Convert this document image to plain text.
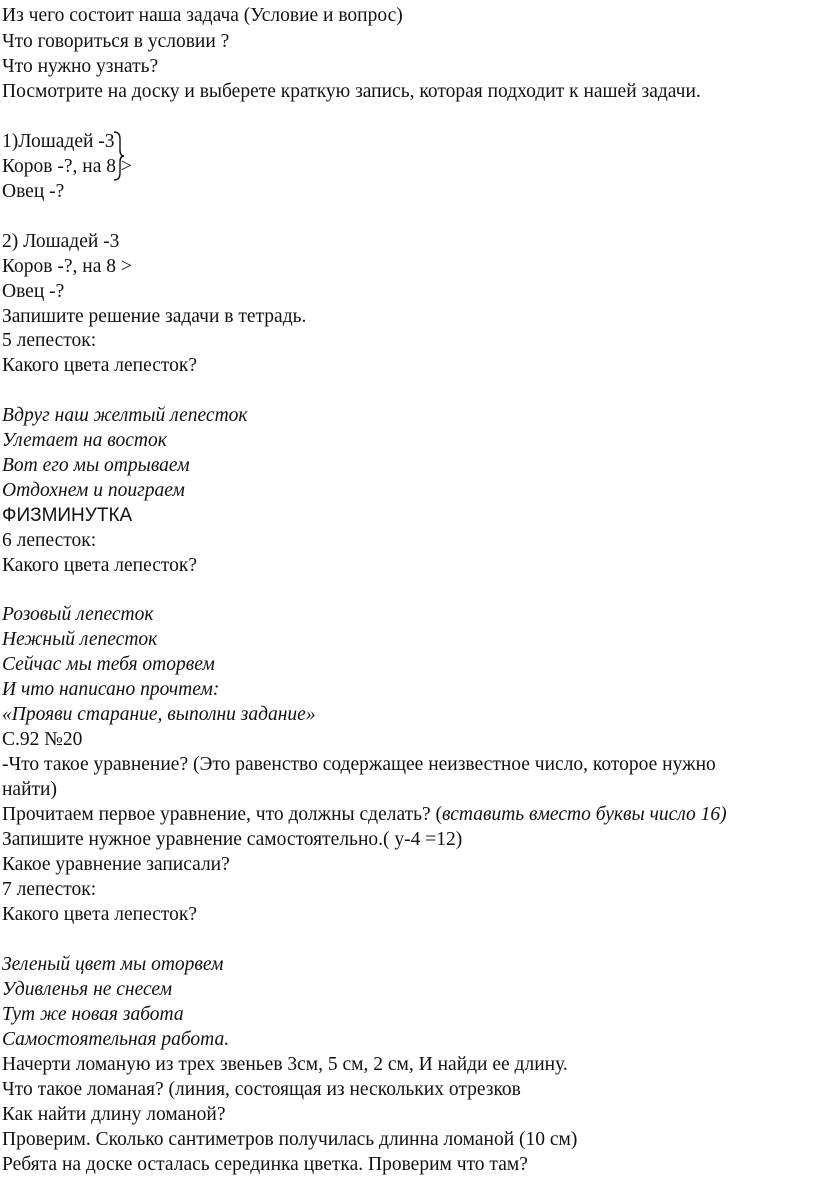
Из чего состоит наша задача (Условие и вопрос)
Что говориться в условии ?
Что нужно узнать?
Посмотрите на доску и выберете краткую запись, которая подходит к нашей задачи.
1)Лошадей -3
Коров -?, на 8 >
Овец -?
2) Лошадей -3
Коров -?, на 8 >
Овец -?
Запишите решение задачи в тетрадь.
5 лепесток:
Какого цвета лепесток?
Вдруг наш желтый лепесток
Улетает на восток
Вот его мы отрываем
Отдохнем и поиграем
ФИЗМИНУТКА
6 лепесток:
Какого цвета лепесток?
Розовый лепесток
Нежный лепесток
Сейчас мы тебя оторвем
И что написано прочтем:
«Прояви старание, выполни задание»
С.92 №20
-Что такое уравнение? (Это равенство содержащее неизвестное число, которое нужно
найти)
Прочитаем первое уравнение, что должны сделать? (вставить вместо буквы число 16)
Запишите нужное уравнение самостоятельно.( у-4 =12)
Какое уравнение записали?
7 лепесток:
Какого цвета лепесток?
Зеленый цвет мы оторвем
Удивленья не снесем
Тут же новая забота
Самостоятельная работа.
Начерти ломаную из трех звеньев 3см, 5 см, 2 см, И найди ее длину.
Что такое ломаная? (линия, состоящая из нескольких отрезков
Как найти длину ломаной?
Проверим. Сколько сантиметров получилась длинна ломаной (10 см)
Ребята на доске осталась серединка цветка. Проверим что там?
